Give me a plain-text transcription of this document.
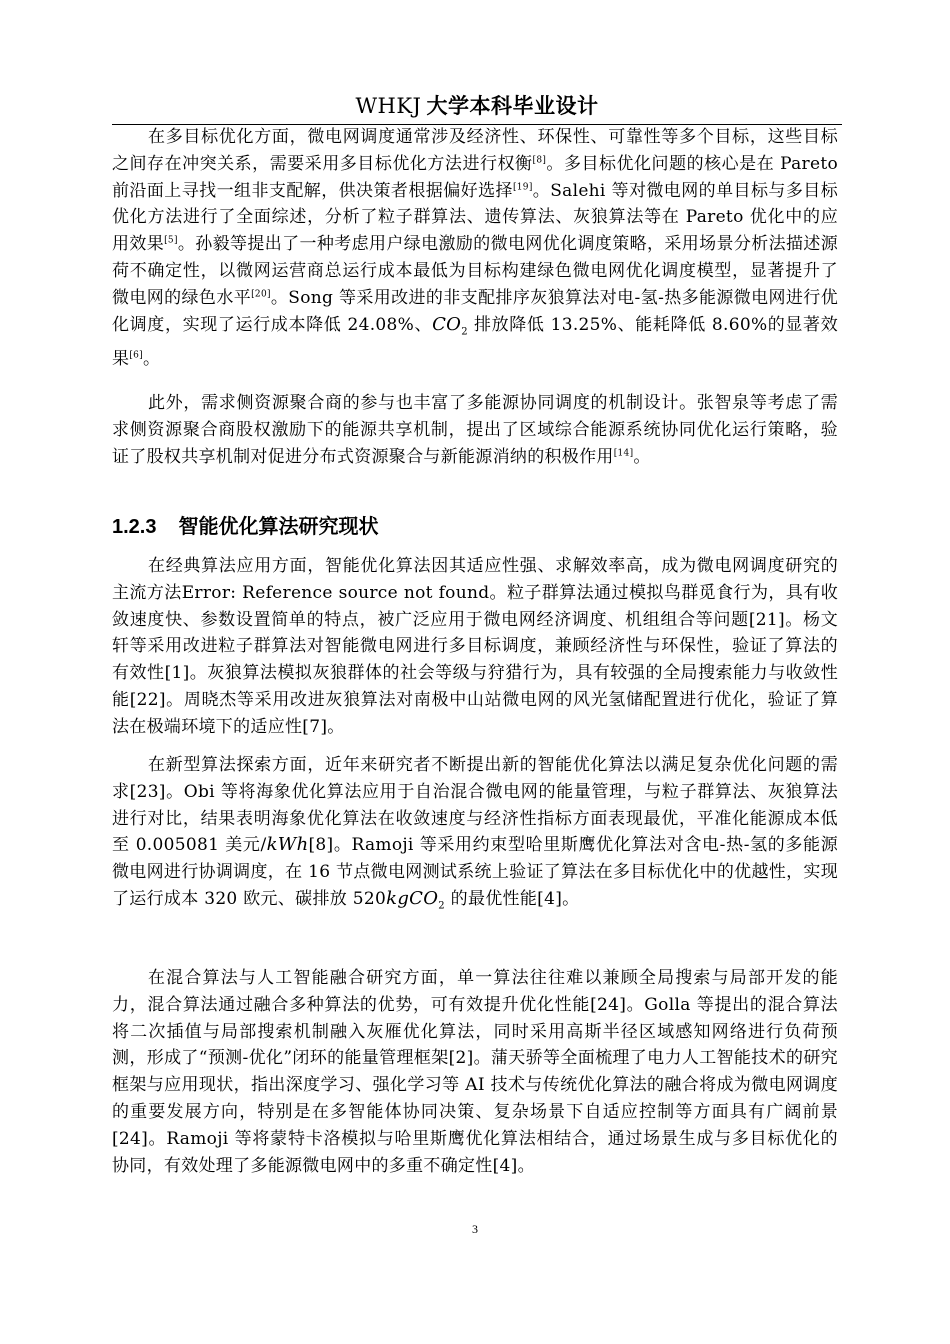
WHKJ 大学本科毕业设计

在多目标优化方面，微电网调度通常涉及经济性、环保性、可靠性等多个目标，这些目标之间存在冲突关系，需要采用多目标优化方法进行权衡[8]。多目标优化问题的核心是在 Pareto 前沿面上寻找一组非支配解，供决策者根据偏好选择[19]。Salehi 等对微电网的单目标与多目标优化方法进行了全面综述，分析了粒子群算法、遗传算法、灰狼算法等在 Pareto 优化中的应用效果[5]。孙毅等提出了一种考虑用户绿电激励的微电网优化调度策略，采用场景分析法描述源荷不确定性，以微网运营商总运行成本最低为目标构建绿色微电网优化调度模型，显著提升了微电网的绿色水平[20]。Song 等采用改进的非支配排序灰狼算法对电-氢-热多能源微电网进行优化调度，实现了运行成本降低 24.08%、$CO_2$ 排放降低 13.25%、能耗降低 8.60%的显著效果[6]。

此外，需求侧资源聚合商的参与也丰富了多能源协同调度的机制设计。张智泉等考虑了需求侧资源聚合商股权激励下的能源共享机制，提出了区域综合能源系统协同优化运行策略，验证了股权共享机制对促进分布式资源聚合与新能源消纳的积极作用[14]。

1.2.3 智能优化算法研究现状

在经典算法应用方面，智能优化算法因其适应性强、求解效率高，成为微电网调度研究的主流方法Error: Reference source not found。粒子群算法通过模拟鸟群觅食行为，具有收敛速度快、参数设置简单的特点，被广泛应用于微电网经济调度、机组组合等问题[21]。杨文轩等采用改进粒子群算法对智能微电网进行多目标调度，兼顾经济性与环保性，验证了算法的有效性[1]。灰狼算法模拟灰狼群体的社会等级与狩猎行为，具有较强的全局搜索能力与收敛性能[22]。周晓杰等采用改进灰狼算法对南极中山站微电网的风光氢储配置进行优化，验证了算法在极端环境下的适应性[7]。

在新型算法探索方面，近年来研究者不断提出新的智能优化算法以满足复杂优化问题的需求[23]。Obi 等将海象优化算法应用于自治混合微电网的能量管理，与粒子群算法、灰狼算法进行对比，结果表明海象优化算法在收敛速度与经济性指标方面表现最优，平准化能源成本低至 0.005081 美元/kWh[8]。Ramoji 等采用约束型哈里斯鹰优化算法对含电-热-氢的多能源微电网进行协调调度，在 16 节点微电网测试系统上验证了算法在多目标优化中的优越性，实现了运行成本 320 欧元、碳排放 520kgCO$_2$ 的最优性能[4]。

在混合算法与人工智能融合研究方面，单一算法往往难以兼顾全局搜索与局部开发的能力，混合算法通过融合多种算法的优势，可有效提升优化性能[24]。Golla 等提出的混合算法将二次插值与局部搜索机制融入灰雁优化算法，同时采用高斯半径区域感知网络进行负荷预测，形成了“预测-优化”闭环的能量管理框架[2]。蒲天骄等全面梳理了电力人工智能技术的研究框架与应用现状，指出深度学习、强化学习等 AI 技术与传统优化算法的融合将成为微电网调度的重要发展方向，特别是在多智能体协同决策、复杂场景下自适应控制等方面具有广阔前景[24]。Ramoji 等将蒙特卡洛模拟与哈里斯鹰优化算法相结合，通过场景生成与多目标优化的协同，有效处理了多能源微电网中的多重不确定性[4]。

3
